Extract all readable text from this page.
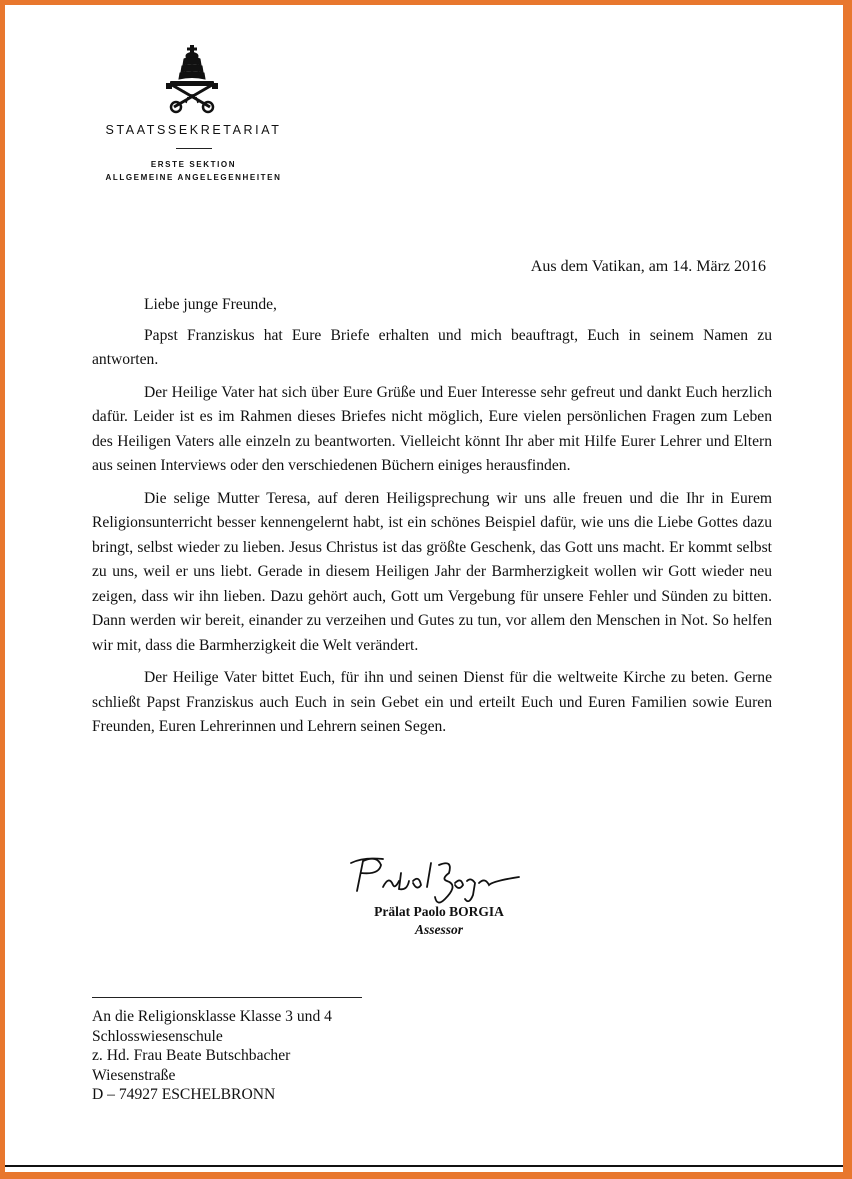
STAATSSEKRETARIAT
ERSTE SEKTION
ALLGEMEINE ANGELEGENHEITEN
Aus dem Vatikan, am 14. März 2016

Liebe junge Freunde,

Papst Franziskus hat Eure Briefe erhalten und mich beauftragt, Euch in seinem Namen zu antworten.

Der Heilige Vater hat sich über Eure Grüße und Euer Interesse sehr gefreut und dankt Euch herzlich dafür. Leider ist es im Rahmen dieses Briefes nicht möglich, Eure vielen persönlichen Fragen zum Leben des Heiligen Vaters alle einzeln zu beantworten. Vielleicht könnt Ihr aber mit Hilfe Eurer Lehrer und Eltern aus seinen Interviews oder den verschiedenen Büchern einiges herausfinden.

Die selige Mutter Teresa, auf deren Heiligsprechung wir uns alle freuen und die Ihr in Eurem Religionsunterricht besser kennengelernt habt, ist ein schönes Beispiel dafür, wie uns die Liebe Gottes dazu bringt, selbst wieder zu lieben. Jesus Christus ist das größte Geschenk, das Gott uns macht. Er kommt selbst zu uns, weil er uns liebt. Gerade in diesem Heiligen Jahr der Barmherzigkeit wollen wir Gott wieder neu zeigen, dass wir ihn lieben. Dazu gehört auch, Gott um Vergebung für unsere Fehler und Sünden zu bitten. Dann werden wir bereit, einander zu verzeihen und Gutes zu tun, vor allem den Menschen in Not. So helfen wir mit, dass die Barmherzigkeit die Welt verändert.

Der Heilige Vater bittet Euch, für ihn und seinen Dienst für die weltweite Kirche zu beten. Gerne schließt Papst Franziskus auch Euch in sein Gebet ein und erteilt Euch und Euren Familien sowie Euren Freunden, Euren Lehrerinnen und Lehrern seinen Segen.

Prälat Paolo BORGIA
Assessor
An die Religionsklasse Klasse 3 und 4
Schlosswiesenschule
z. Hd. Frau Beate Butschbacher
Wiesenstraße
D – 74927 ESCHELBRONN
